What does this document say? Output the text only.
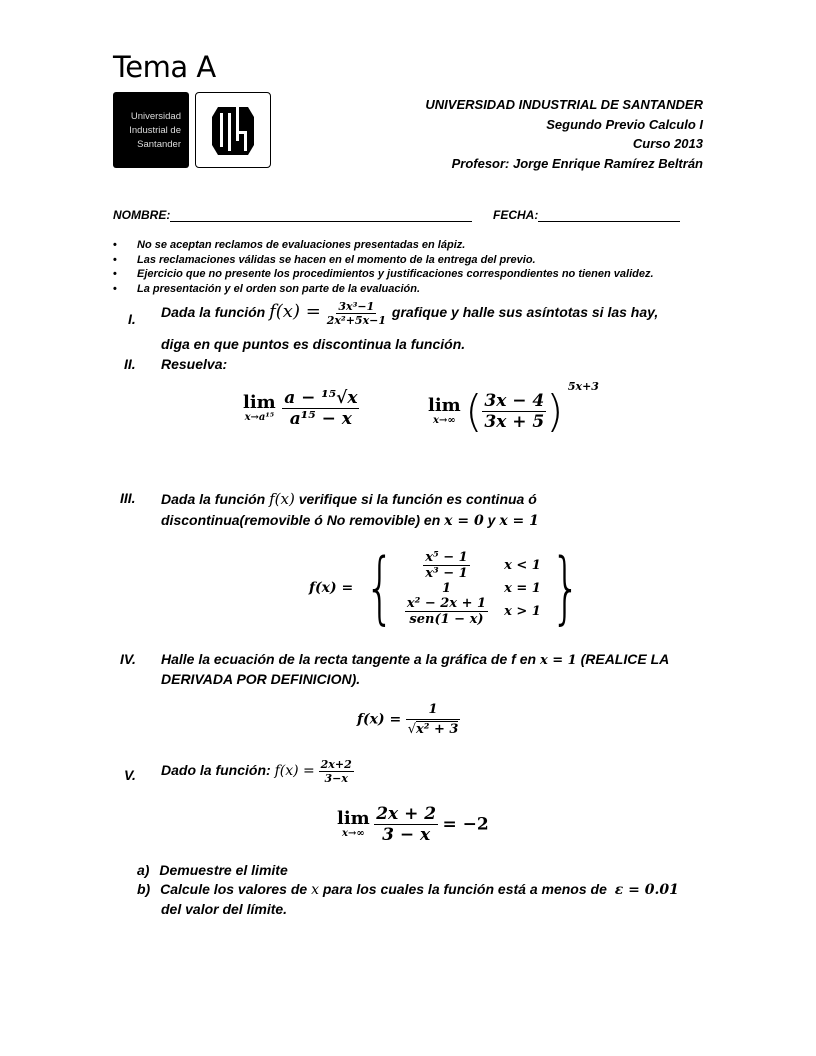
Tema A
Universidad
Industrial de
Santander
UNIVERSIDAD INDUSTRIAL DE SANTANDER
Segundo Previo Calculo I
Curso 2013
Profesor: Jorge Enrique Ramírez Beltrán
NOMBRE:	FECHA:
• No se aceptan reclamos de evaluaciones presentadas en lápiz.
• Las reclamaciones válidas se hacen en el momento de la entrega del previo.
• Ejercicio que no presente los procedimientos y justificaciones correspondientes no tienen validez.
• La presentación y el orden son parte de la evaluación.
I. Dada la función $f(x) = \frac{\text{3x³−1}}{\text{2x²+5x−1}}$ grafique y halle sus asíntotas si las hay,
diga en que puntos es discontinua la función.
II. Resuelva:
lim
x→a¹⁵
$\frac{\text{a − ¹⁵√x}}{\text{a¹⁵ − x}}$	lim
x→∞ ( $\frac{3x - 4}{3x + 5}$ ) $^{5x+3}$
III. Dada la función f(x) verifique si la función es continua ó
discontinua(removible ó No removible) en x = 0 y x = 1
f(x) = { $\frac{\text{x⁵ − 1}}{\text{x³ − 1}}$ x < 1
1	x = 1
$\frac{\text{x² − 2x + 1}}{\text{sen(1 − x)}}$ x > 1 }
IV. Halle la ecuación de la recta tangente a la gráfica de f en x = 1 (REALICE LA
DERIVADA POR DEFINICION).
$f(x) = \frac{1}{\text{√x² + 3}}$
V. Dado la función: $f(x) = \frac{2x+2}{3-x}$
lim
x→∞
$\frac{2x + 2}{3 - x} = -2$
a) Demuestre el limite
b) Calcule los valores de x para los cuales la función está a menos de ε = 0.01
del valor del límite.
